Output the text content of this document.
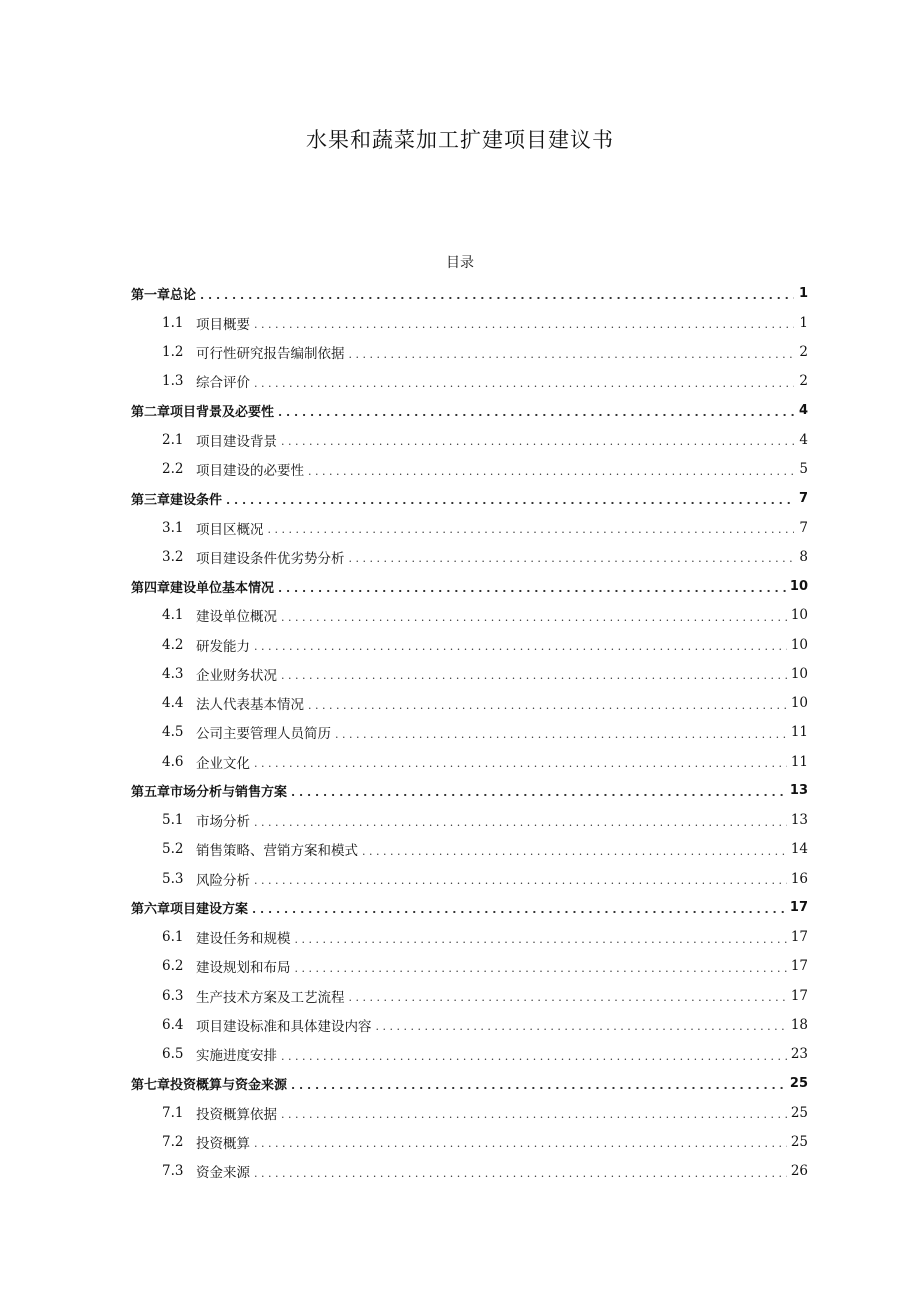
水果和蔬菜加工扩建项目建议书
目录
第一章总论 . . .	1
1.1 项目概要 . . .	1
1.2 可行性研究报告编制依据 . . .	2
1.3 综合评价 . . .	2
第二章项目背景及必要性 . . .	4
2.1 项目建设背景 . . .	4
2.2 项目建设的必要性 . . .	5
第三章建设条件 . . .	7
3.1 项目区概况 . . .	7
3.2 项目建设条件优劣势分析 . . .	8
第四章建设单位基本情况 . . .	10
4.1 建设单位概况 . . .	10
4.2 研发能力 . . .	10
4.3 企业财务状况 . . .	10
4.4 法人代表基本情况 . . .	10
4.5 公司主要管理人员简历 . . .	11
4.6 企业文化 . . .	11
第五章市场分析与销售方案 . . .	13
5.1 市场分析 . . .	13
5.2 销售策略、营销方案和模式 . . .	14
5.3 风险分析 . . .	16
第六章项目建设方案 . . .	17
6.1 建设任务和规模 . . .	17
6.2 建设规划和布局 . . .	17
6.3 生产技术方案及工艺流程 . . .	17
6.4 项目建设标准和具体建设内容 . . .	18
6.5 实施进度安排 . . .	23
第七章投资概算与资金来源 . . .	25
7.1 投资概算依据 . . .	25
7.2 投资概算 . . .	25
7.3 资金来源 . . .	26
